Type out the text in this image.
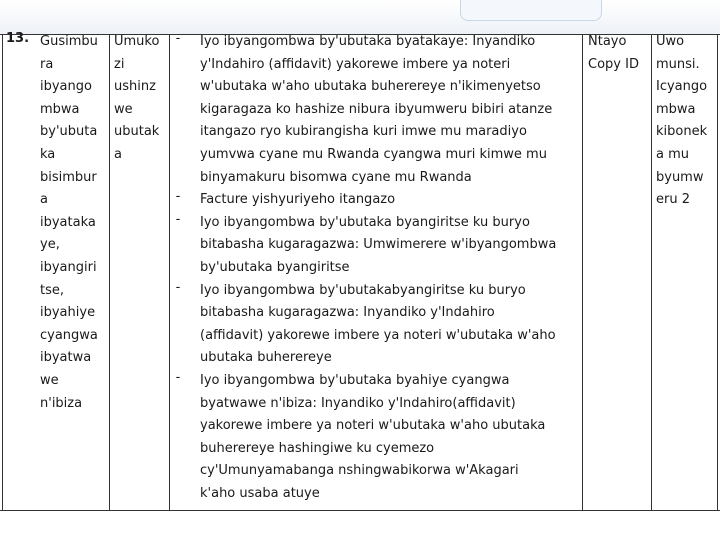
13. Gusimbu
ra
ibyango
mbwa
by'ubuta
ka
bisimbur
a
ibyataka
ye,
ibyangiri
tse,
ibyahiye
cyangwa
ibyatwa
we
n'ibiza
Umuko
zi
ushinz
we
ubutak
a
-
-
-
-
-
Iyo ibyangombwa by'ubutaka byatakaye: Inyandiko
y'Indahiro (affidavit) yakorewe imbere ya noteri
w'ubutaka w'aho ubutaka buherereye n'ikimenyetso
kigaragaza ko hashize nibura ibyumweru bibiri atanze
itangazo ryo kubirangisha kuri imwe mu maradiyo
yumvwa cyane mu Rwanda cyangwa muri kimwe mu
binyamakuru bisomwa cyane mu Rwanda
Facture yishyuriyeho itangazo
Iyo ibyangombwa by'ubutaka byangiritse ku buryo
bitabasha kugaragazwa: Umwimerere w'ibyangombwa
by'ubutaka byangiritse
Iyo ibyangombwa by'ubutakabyangiritse ku buryo
bitabasha kugaragazwa: Inyandiko y'Indahiro
(affidavit) yakorewe imbere ya noteri w'ubutaka w'aho
ubutaka buherereye
Iyo ibyangombwa by'ubutaka byahiye cyangwa
byatwawe n'ibiza: Inyandiko y'Indahiro(affidavit)
yakorewe imbere ya noteri w'ubutaka w'aho ubutaka
buherereye hashingiwe ku cyemezo
cy'Umunyamabanga nshingwabikorwa w'Akagari
k'aho usaba atuye
Ntayo
Copy ID
Uwo
munsi.
Icyango
mbwa
kibonek
a mu
byumw
eru 2
